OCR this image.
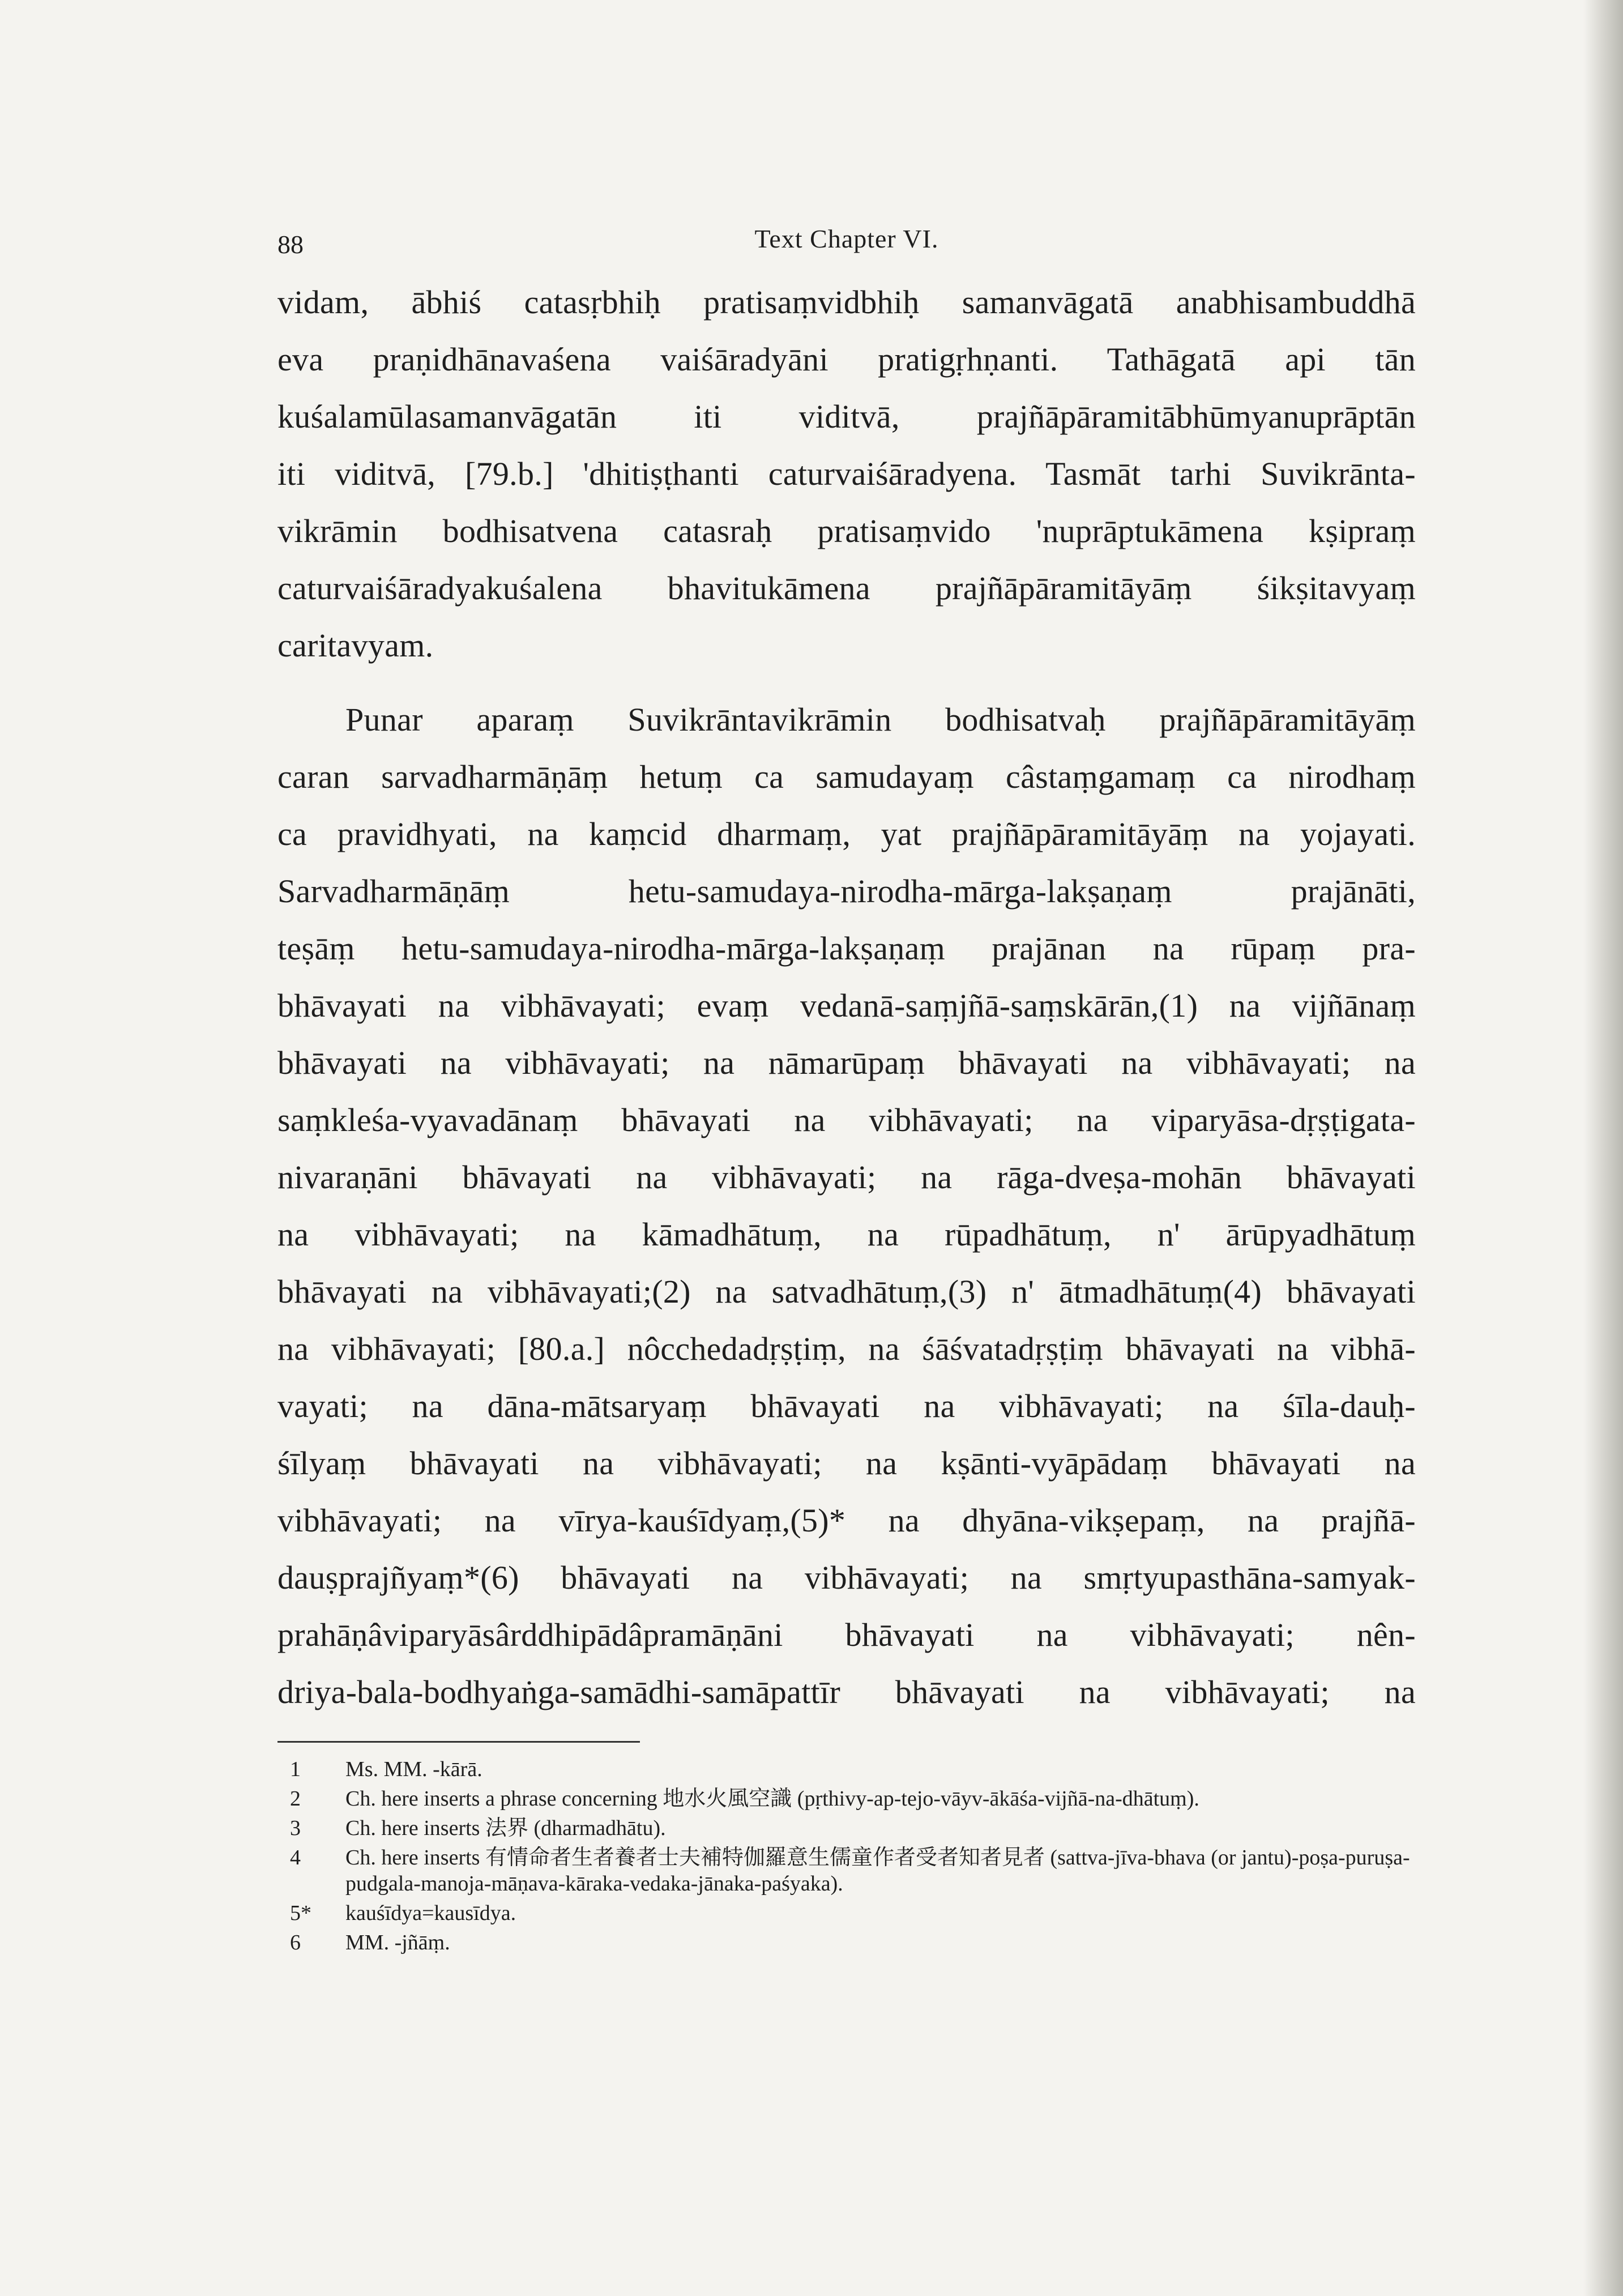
88	Text Chapter VI.
vidam, ābhiś catasṛbhiḥ pratisaṃvidbhiḥ samanvāgatā anabhisambuddhā
eva praṇidhānavaśena vaiśāradyāni pratigṛhṇanti. Tathāgatā api tān
kuśalamūlasamanvāgatān iti viditvā, prajñāpāramitābhūmyanuprāptān
iti viditvā, [79.b.] 'dhitiṣṭhanti caturvaiśāradyena. Tasmāt tarhi Suvikrānta-
vikrāmin bodhisatvena catasraḥ pratisaṃvido 'nuprāptukāmena kṣipraṃ
caturvaiśāradyakuśalena bhavitukāmena prajñāpāramitāyāṃ śikṣitavyaṃ
caritavyam.
Punar aparaṃ Suvikrāntavikrāmin bodhisatvaḥ prajñāpāramitāyāṃ
caran sarvadharmāṇāṃ hetuṃ ca samudayaṃ câstaṃgamaṃ ca nirodhaṃ
ca pravidhyati, na kaṃcid dharmaṃ, yat prajñāpāramitāyāṃ na yojayati.
Sarvadharmāṇāṃ hetu-samudaya-nirodha-mārga-lakṣaṇaṃ prajānāti,
teṣāṃ hetu-samudaya-nirodha-mārga-lakṣaṇaṃ prajānan na rūpaṃ pra-
bhāvayati na vibhāvayati; evaṃ vedanā-saṃjñā-saṃskārān,(1) na vijñānaṃ
bhāvayati na vibhāvayati; na nāmarūpaṃ bhāvayati na vibhāvayati; na
saṃkleśa-vyavadānaṃ bhāvayati na vibhāvayati; na viparyāsa-dṛṣṭigata-
nivaraṇāni bhāvayati na vibhāvayati; na rāga-dveṣa-mohān bhāvayati
na vibhāvayati; na kāmadhātuṃ, na rūpadhātuṃ, n' ārūpyadhātuṃ
bhāvayati na vibhāvayati;(2) na satvadhātuṃ,(3) n' ātmadhātuṃ(4) bhāvayati
na vibhāvayati; [80.a.] nôcchedadṛṣṭiṃ, na śāśvatadṛṣṭiṃ bhāvayati na vibhā-
vayati; na dāna-mātsaryaṃ bhāvayati na vibhāvayati; na śīla-dauḥ-
śīlyaṃ bhāvayati na vibhāvayati; na kṣānti-vyāpādaṃ bhāvayati na
vibhāvayati; na vīrya-kauśīdyaṃ,(5)* na dhyāna-vikṣepaṃ, na prajñā-
dauṣprajñyaṃ*(6) bhāvayati na vibhāvayati; na smṛtyupasthāna-samyak-
prahāṇâviparyāsârddhipādâpramāṇāni bhāvayati na vibhāvayati; nên-
driya-bala-bodhyaṅga-samādhi-samāpattīr bhāvayati na vibhāvayati; na
1	Ms. MM. -kārā.
2	Ch. here inserts a phrase concerning 地水火風空識 (pṛthivy-ap-tejo-vāyv-ākāśa-vijñā-na-dhātuṃ).
3	Ch. here inserts 法界 (dharmadhātu).
4	Ch. here inserts 有情命者生者養者士夫補特伽羅意生儒童作者受者知者見者 (sattva-jīva-bhava (or jantu)-poṣa-puruṣa-pudgala-manoja-māṇava-kāraka-vedaka-jānaka-paśyaka).
5*	kauśīdya=kausīdya.
6	MM. -jñāṃ.
